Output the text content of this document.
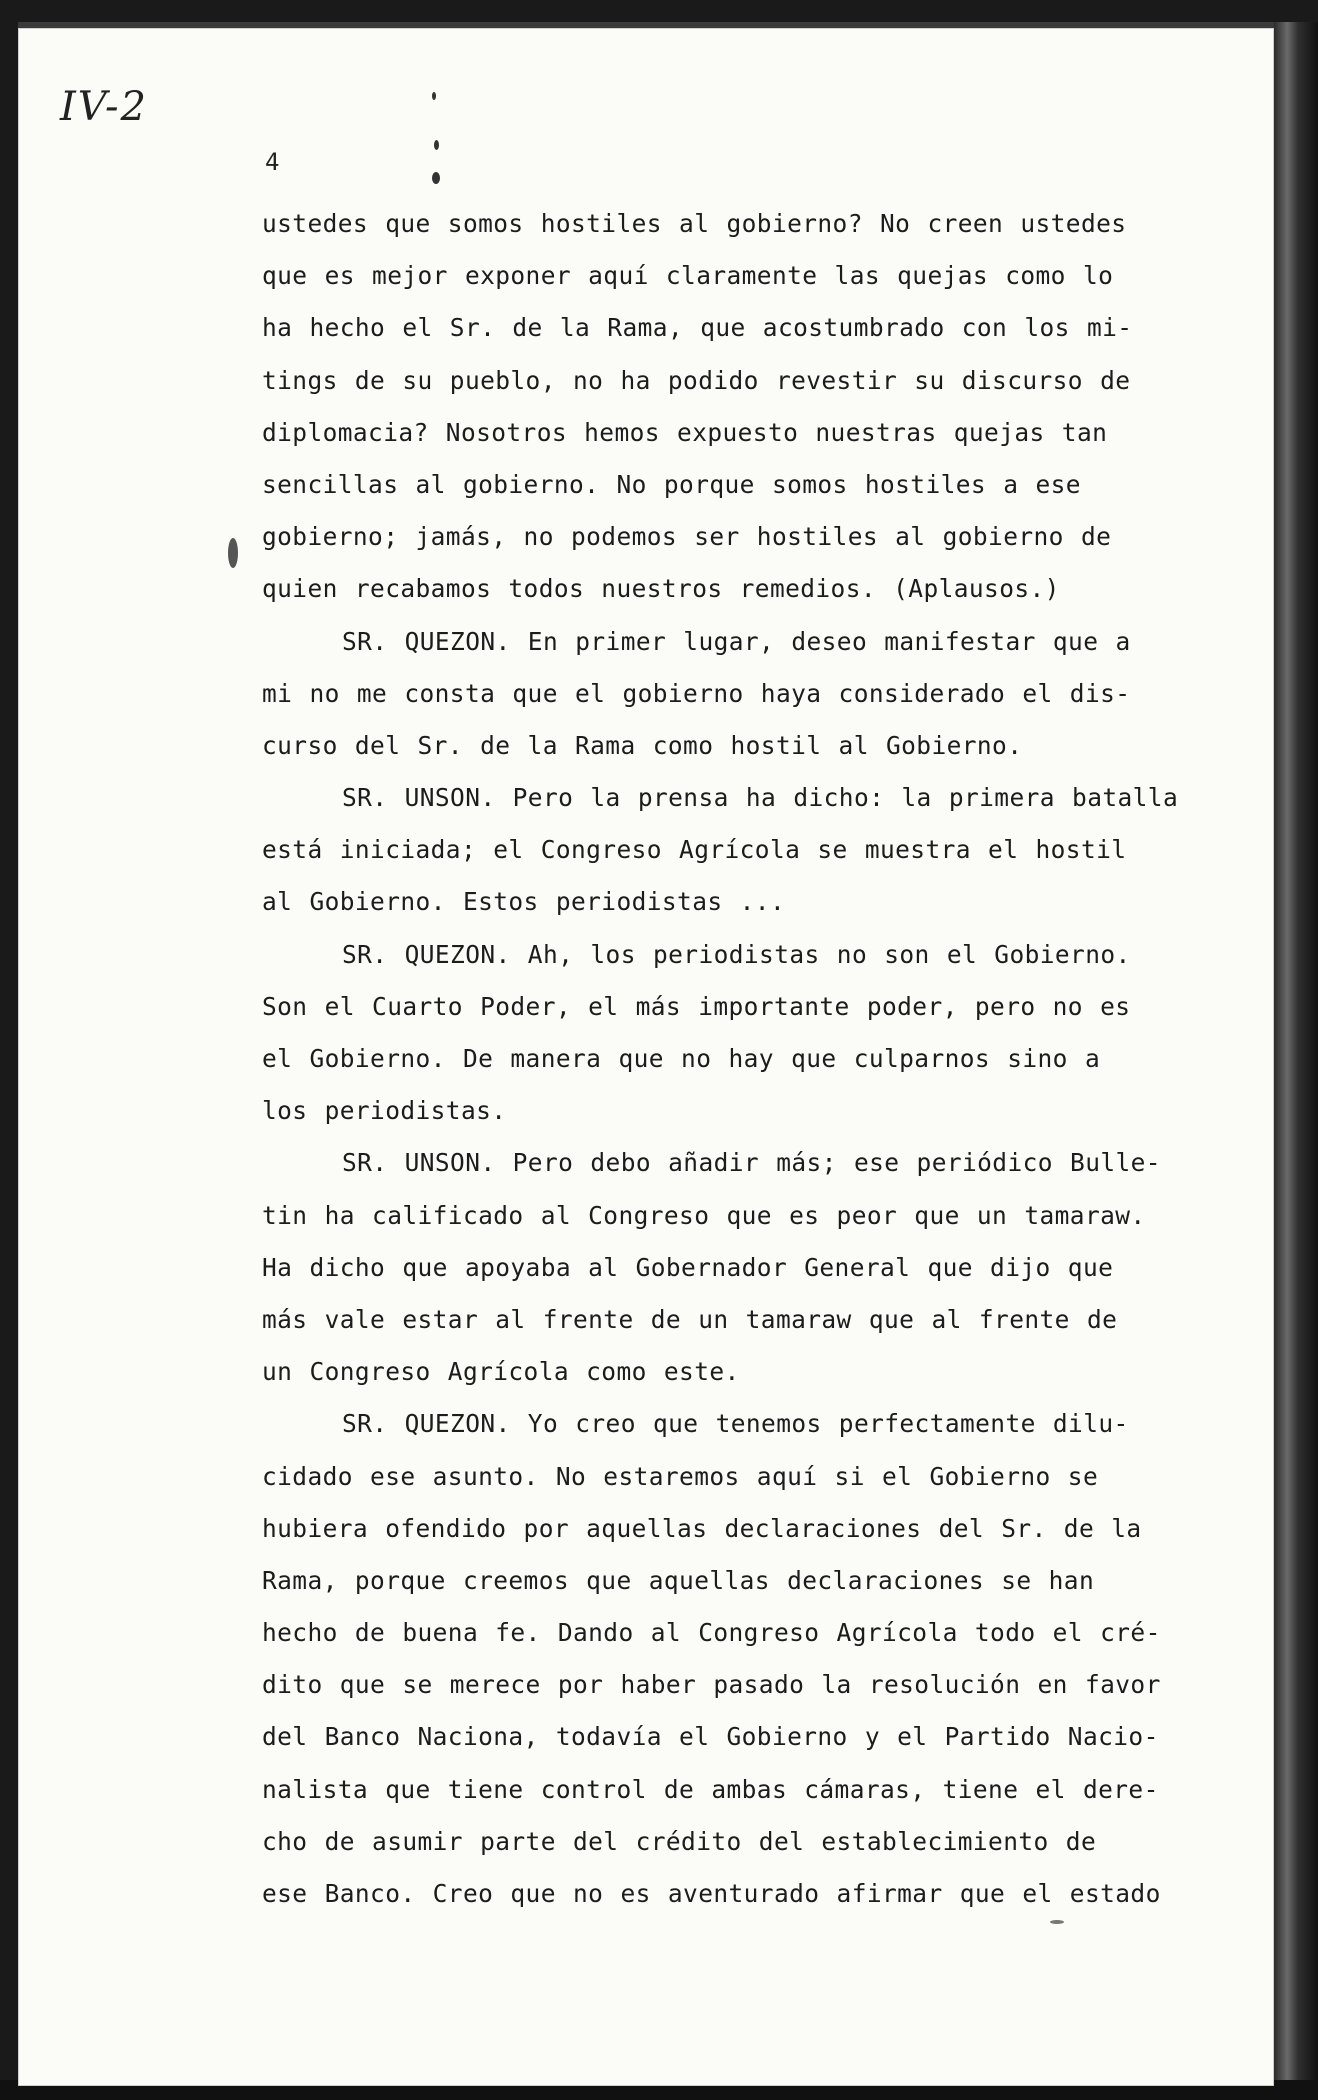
IV-2
4
ustedes que somos hostiles al gobierno? No creen ustedes
que es mejor exponer aquí claramente las quejas como lo
ha hecho el Sr. de la Rama, que acostumbrado con los mi-
tings de su pueblo, no ha podido revestir su discurso de
diplomacia? Nosotros hemos expuesto nuestras quejas tan
sencillas al gobierno. No porque somos hostiles a ese
gobierno; jamás, no podemos ser hostiles al gobierno de
quien recabamos todos nuestros remedios. (Aplausos.)
SR. QUEZON. En primer lugar, deseo manifestar que a
mi no me consta que el gobierno haya considerado el dis-
curso del Sr. de la Rama como hostil al Gobierno.
SR. UNSON. Pero la prensa ha dicho: la primera batalla
está iniciada; el Congreso Agrícola se muestra el hostil
al Gobierno. Estos periodistas ...
SR. QUEZON. Ah, los periodistas no son el Gobierno.
Son el Cuarto Poder, el más importante poder, pero no es
el Gobierno. De manera que no hay que culparnos sino a
los periodistas.
SR. UNSON. Pero debo añadir más; ese periódico Bulle-
tin ha calificado al Congreso que es peor que un tamaraw.
Ha dicho que apoyaba al Gobernador General que dijo que
más vale estar al frente de un tamaraw que al frente de
un Congreso Agrícola como este.
SR. QUEZON. Yo creo que tenemos perfectamente dilu-
cidado ese asunto. No estaremos aquí si el Gobierno se
hubiera ofendido por aquellas declaraciones del Sr. de la
Rama, porque creemos que aquellas declaraciones se han
hecho de buena fe. Dando al Congreso Agrícola todo el cré-
dito que se merece por haber pasado la resolución en favor
del Banco Naciona, todavía el Gobierno y el Partido Nacio-
nalista que tiene control de ambas cámaras, tiene el dere-
cho de asumir parte del crédito del establecimiento de
ese Banco. Creo que no es aventurado afirmar que el estado
